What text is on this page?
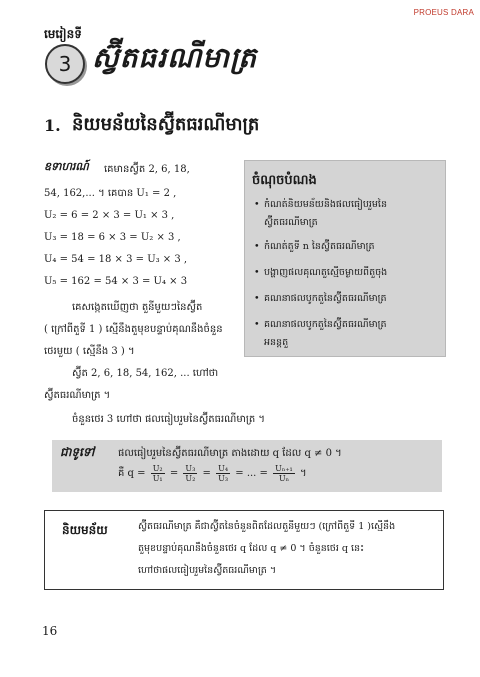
PROEUS DARA
មេរៀនទី
3 ស្វ៊ីតធរណីមាត្រ
1. និយមន័យនៃស្វ៊ីតធរណីមាត្រ
ឧទាហរណ៍ គេមានស្វ៊ីត 2, 6, 18,
54, 162,... ។ គេបាន U₁ = 2 ,
U₂ = 6 = 2 × 3 = U₁ × 3 ,
U₃ = 18 = 6 × 3 = U₂ × 3 ,
U₄ = 54 = 18 × 3 = U₃ × 3 ,
U₅ = 162 = 54 × 3 = U₄ × 3
គេសង្កេតឃើញថា តួនីមួយៗនៃស្វ៊ីត
( ក្រៅពីតួទី 1 ) ស្មើនឹងតួមុខបន្ទាប់គុណនឹងចំនួន
ថេរមួយ ( ស្មើនឹង 3 ) ។
ស្វ៊ីត 2, 6, 18, 54, 162, ... ហៅថា
ស្វ៊ីតធរណីមាត្រ ។
ចំនួនថេរ 3 ហៅថា ផលធៀបរួមនៃស្វ៊ីតធរណីមាត្រ ។
ចំណុចបំណង
• កំណត់និយមន័យនិងផលធៀបរួមនៃ
ស្វ៊ីតធរណីមាត្រ
• កំណត់តួទី n នៃស្វ៊ីតធរណីមាត្រ
• បង្ហាញផលគុណតួស្មើចម្ងាយពីតួចុង
• គណនាផលបូកតួនៃស្វ៊ីតធរណីមាត្រ
• គណនាផលបូកតួនៃស្វ៊ីតធរណីមាត្រ
អនន្តតួ
ជាទូទៅ ផលធៀបរួមនៃស្វ៊ីតធរណីមាត្រ តាងដោយ q ដែល q ≠ 0 ។
គឺ $q = \frac{\text{U₂}}{\text{U₁}} = \frac{\text{U₃}}{\text{U₂}} = \frac{\text{U₄}}{\text{U₃}}$ = ... = $\frac{\text{Uₙ₊₁}}{\text{Uₙ}}$ ។
និយមន័យ	ស្វ៊ីតធរណីមាត្រ គឺជាស្វ៊ីតនៃចំនួនពិតដែលតួនីមួយៗ (ក្រៅពីតួទី 1 )ស្មើនឹង
តួមុខបន្ទាប់គុណនឹងចំនួនថេរ q ដែល q ≠ 0 ។ ចំនួនថេរ q នេះ
ហៅថាផលធៀបរួមនៃស្វ៊ីតធរណីមាត្រ ។
16
